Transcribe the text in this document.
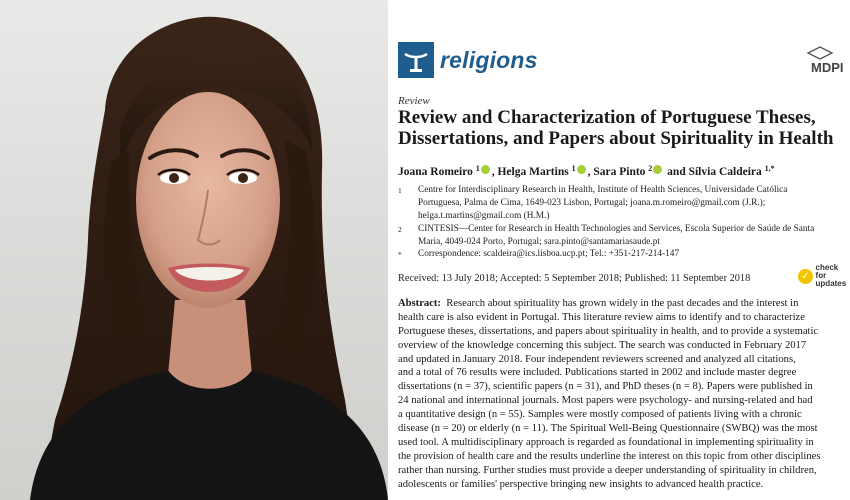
religions	MDPI
Review
Review and Characterization of Portuguese Theses,
Dissertations, and Papers about Spirituality in Health
Joana Romeiro $^1$ , Helga Martins $^1$ , Sara Pinto $^2$ and Sílvia Caldeira $^{1,*}$
1 Centre for Interdisciplinary Research in Health, Institute of Health Sciences, Universidade Católica
Portuguesa, Palma de Cima, 1649-023 Lisbon, Portugal; joana.m.romeiro@gmail.com (J.R.);
helga.t.martins@gmail.com (H.M.)
2 CINTESIS—Center for Research in Health Technologies and Services, Escola Superior de Saúde de Santa
Maria, 4049-024 Porto, Portugal; sara.pinto@santamariasaude.pt
* Correspondence: scaldeira@ics.lisboa.ucp.pt; Tel.: +351-217-214-147
Received: 13 July 2018; Accepted: 5 September 2018; Published: 11 September 2018	✓
check for
updates
Abstract: Research about spirituality has grown widely in the past decades and the interest in
health care is also evident in Portugal. This literature review aims to identify and to characterize
Portuguese theses, dissertations, and papers about spirituality in health, and to provide a systematic
overview of the knowledge concerning this subject. The search was conducted in February 2017
and updated in January 2018. Four independent reviewers screened and analyzed all citations,
and a total of 76 results were included. Publications started in 2002 and include master degree
dissertations (n = 37), scientific papers (n = 31), and PhD theses (n = 8). Papers were published in
24 national and international journals. Most papers were psychology- and nursing-related and had
a quantitative design (n = 55). Samples were mostly composed of patients living with a chronic
disease (n = 20) or elderly (n = 11). The Spiritual Well-Being Questionnaire (SWBQ) was the most
used tool. A multidisciplinary approach is regarded as foundational in implementing spirituality in
the provision of health care and the results underline the interest on this topic from other disciplines
rather than nursing. Further studies must provide a deeper understanding of spirituality in children,
adolescents or families' perspective bringing new insights to advanced health practice.
